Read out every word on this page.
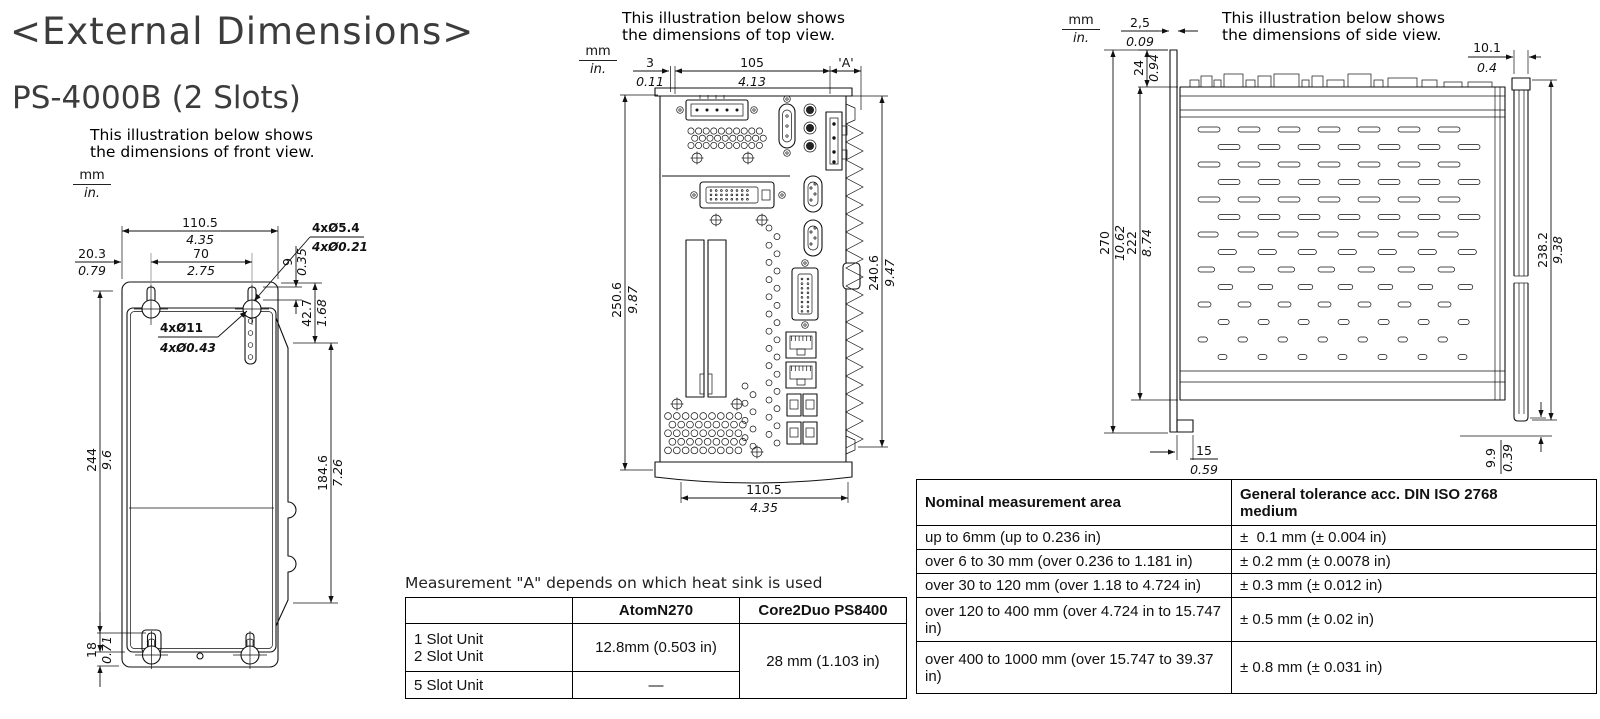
<External Dimensions>
PS-4000B (2 Slots)
This illustration below shows
the dimensions of front view.
This illustration below shows
the dimensions of top view.
This illustration below shows
the dimensions of side view.
mm
in.
mm
in.
mm
in.
110.5
4.35
70
2.75
20.3
0.79
9 0.35
42.7 1.68
184.6 7.26
244 9.6
18 0.71
4xØ5.4
4xØ0.21
4xØ11
4xØ0.43
3
0.11
105
4.13
'A'
250.6 9.87
240.6 9.47
110.5
4.35
2,5
0.09
24 0.94
10.1
0.4
270 10.62
222 8.74	238.2 9.38
15
0.59
9.9 0.39
Measurement "A" depends on which heat sink is used
	AtomN270	Core2Duo PS8400

1 Slot Unit
2 Slot Unit	12.8mm (0.503 in)	28 mm (1.103 in)
5 Slot Unit	—	
Nominal measurement area	General tolerance acc. DIN ISO 2768 medium

up to 6mm (up to 0.236 in)	±  0.1 mm (± 0.004 in)
over 6 to 30 mm (over 0.236 to 1.181 in)	± 0.2 mm (± 0.0078 in)
over 30 to 120 mm (over 1.18 to 4.724 in)	± 0.3 mm (± 0.012 in)
over 120 to 400 mm (over 4.724 in to 15.747 in)	± 0.5 mm (± 0.02 in)
over 400 to 1000 mm (over 15.747 to 39.37 in)	± 0.8 mm (± 0.031 in)
